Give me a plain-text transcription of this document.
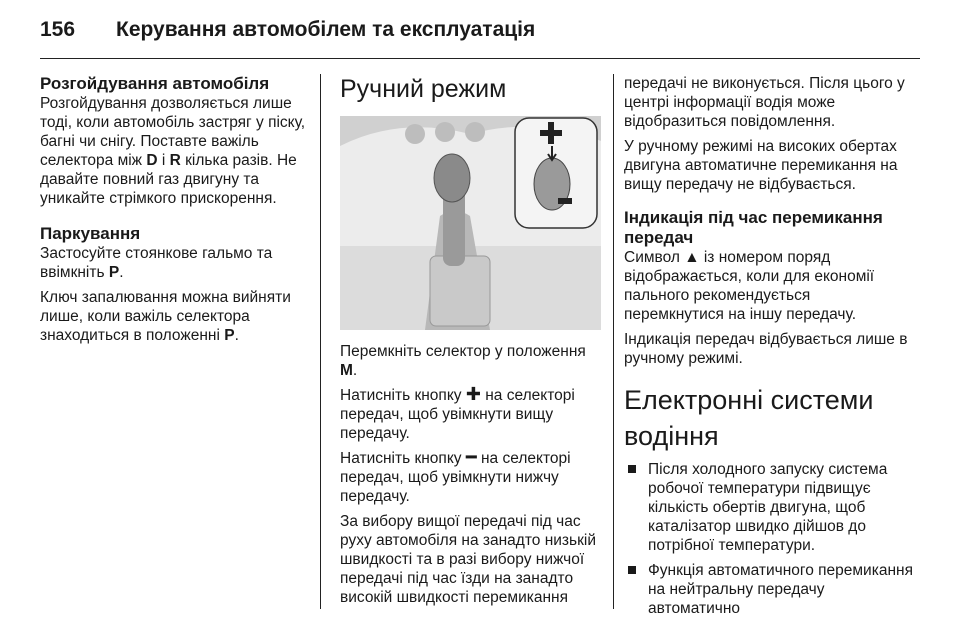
156 Керування автомобілем та експлуатація

Розгойдування автомобіля

Розгойдування дозволяється лише тоді, коли автомобіль застряг у піску, багні чи снігу. Поставте важіль селектора між D і R кілька разів. Не давайте повний газ двигуну та уникайте стрімкого прискорення.

Паркування

Застосуйте стоянкове гальмо та ввімкніть P.

Ключ запалювання можна вийняти лише, коли важіль селектора знаходиться в положенні P.

Ручний режим

Перемкніть селектор у положення M.

Натисніть кнопку ✚ на селекторі передач, щоб увімкнути вищу передачу.

Натисніть кнопку ━ на селекторі передач, щоб увімкнути нижчу передачу.

За вибору вищої передачі під час руху автомобіля на занадто низькій швидкості та в разі вибору нижчої передачі під час їзди на занадто високій швидкості перемикання

передачі не виконується. Після цього у центрі інформації водія може відобразиться повідомлення.

У ручному режимі на високих обертах двигуна автоматичне перемикання на вищу передачу не відбувається.

Індикація під час перемикання передач

Символ ▲ із номером поряд відображається, коли для економії пального рекомендується перемкнутися на іншу передачу.

Індикація передач відбувається лише в ручному режимі.

Електронні системи водіння

Після холодного запуску система робочої температури підвищує кількість обертів двигуна, щоб каталізатор швидко дійшов до потрібної температури.
Функція автоматичного перемикання на нейтральну передачу автоматично
